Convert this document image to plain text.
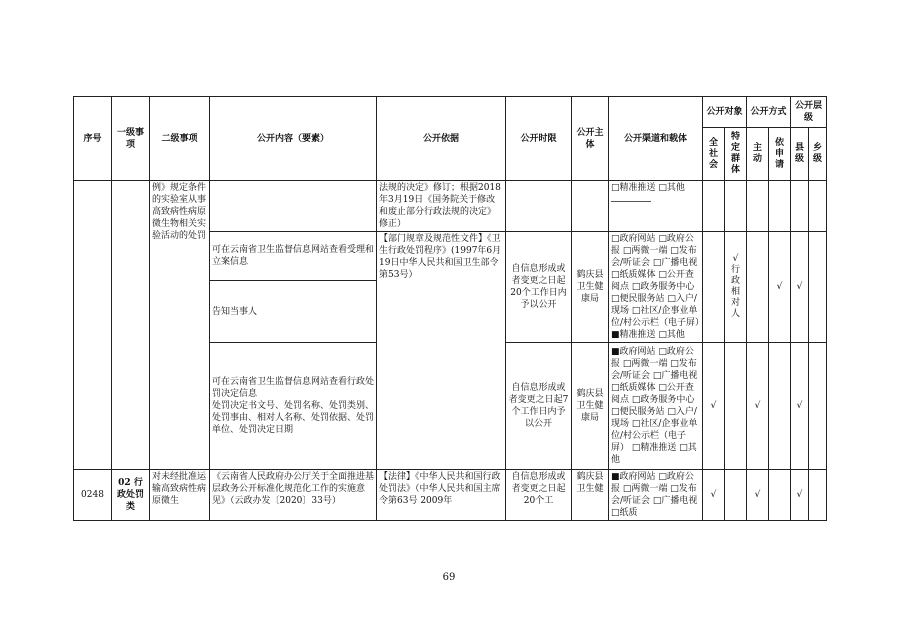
序号	一级事项	二级事项	公开内容（要素）	公开依据	公开时限	公开主体	公开渠道和载体	公开对象		公开方式		公开层级	
								全社会	特定群体	主动	依申请	县级	乡级
		例》规定条件的实验室从事高致病性病原微生物相关实验活动的处罚		法规的决定》修订；根据2018年3月19日《国务院关于修改和废止部分行政法规的决定》修正）			□精准推送 □其他

			可在云南省卫生监督信息网站查看受理和立案信息	【部门规章及规范性文件】《卫生行政处罚程序》(1997年6月19日中华人民共和国卫生部令第53号）	自信息形成或者变更之日起20个工作日内予以公开	鹤庆县卫生健康局	□政府网站 □政府公报 □两微一端 □发布会/听证会 □广播电视 □纸质媒体 □公开查阅点 □政务服务中心 □便民服务站 □入户/现场 □社区/企事业单位/村公示栏（电子屏）■精准推送 □其他		√行政相对人		√	√	
			告知当事人										
			可在云南省卫生监督信息网站查看行政处罚决定信息
处罚决定书文号、处罚名称、处罚类别、处罚事由、相对人名称、处罚依据、处罚单位、处罚决定日期		自信息形成或者变更之日起7个工作日内予以公开	鹤庆县卫生健康局	■政府网站 □政府公报 □两微一端 □发布会/听证会 □广播电视 □纸质媒体 □公开查阅点 □政务服务中心 □便民服务站 □入户/现场 □社区/企事业单位/村公示栏（电子屏） □精准推送 □其他	√		√		√	
0248	02 行政处罚类	对未经批准运输高致病性病原微生	《云南省人民政府办公厅关于全面推进基层政务公开标准化规范化工作的实施意见》（云政办发〔2020〕33号）	【法律】《中华人民共和国行政处罚法》（中华人民共和国主席令第63号 2009年	自信息形成或者变更之日起20个工	鹤庆县卫生健	■政府网站 □政府公报 □两微一端 □发布会/听证会 □广播电视 □纸质	√		√		√	
69
